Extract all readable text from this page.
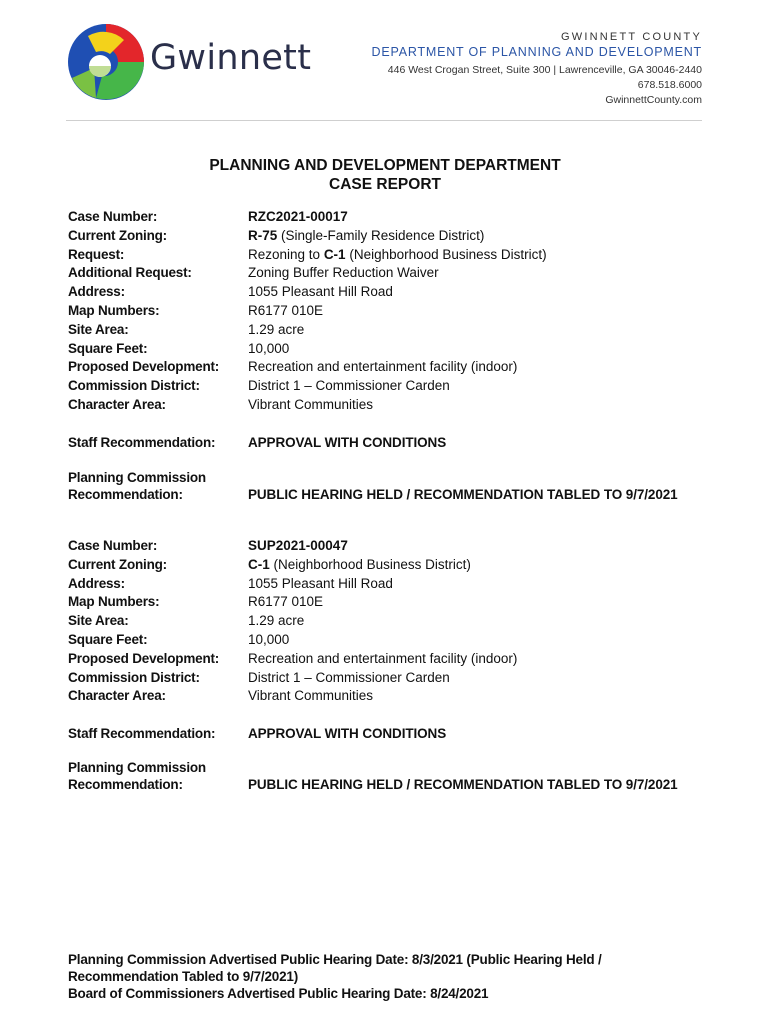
Gwinnett
GWINNETT COUNTY
DEPARTMENT OF PLANNING AND DEVELOPMENT
446 West Crogan Street, Suite 300 | Lawrenceville, GA 30046-2440
678.518.6000
GwinnettCounty.com
PLANNING AND DEVELOPMENT DEPARTMENT
CASE REPORT
Case Number:	RZC2021-00017
Current Zoning:	R-75 (Single-Family Residence District)
Request:	Rezoning to C-1 (Neighborhood Business District)
Additional Request:	Zoning Buffer Reduction Waiver
Address:	1055 Pleasant Hill Road
Map Numbers:	R6177 010E
Site Area:	1.29 acre
Square Feet:	10,000
Proposed Development: Recreation and entertainment facility (indoor)
Commission District:	District 1 – Commissioner Carden
Character Area:	Vibrant Communities
Staff Recommendation: APPROVAL WITH CONDITIONS
Planning Commission
Recommendation:	PUBLIC HEARING HELD / RECOMMENDATION TABLED TO 9/7/2021
Case Number:	SUP2021-00047
Current Zoning:	C-1 (Neighborhood Business District)
Address:	1055 Pleasant Hill Road
Map Numbers:	R6177 010E
Site Area:	1.29 acre
Square Feet:	10,000
Proposed Development: Recreation and entertainment facility (indoor)
Commission District:	District 1 – Commissioner Carden
Character Area:	Vibrant Communities
Staff Recommendation: APPROVAL WITH CONDITIONS
Planning Commission
Recommendation:	PUBLIC HEARING HELD / RECOMMENDATION TABLED TO 9/7/2021
Planning Commission Advertised Public Hearing Date: 8/3/2021 (Public Hearing Held /
Recommendation Tabled to 9/7/2021)
Board of Commissioners Advertised Public Hearing Date: 8/24/2021
